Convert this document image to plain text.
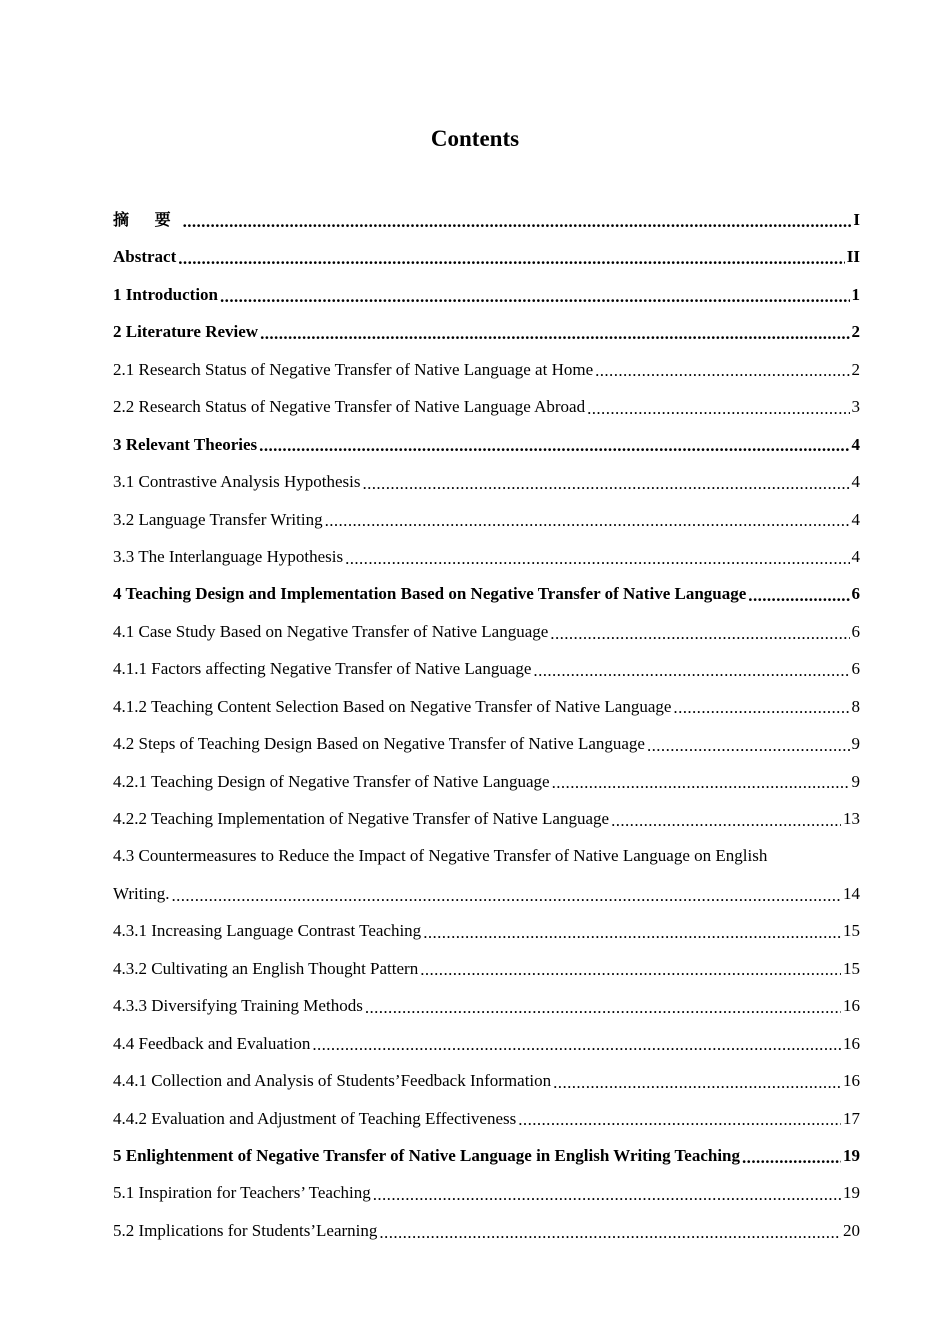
Contents
摘 要 .....	I
Abstract .....	II
1 Introduction .....	1
2 Literature Review .....	2
2.1 Research Status of Negative Transfer of Native Language at Home .....	2
2.2 Research Status of Negative Transfer of Native Language Abroad .....	3
3 Relevant Theories .....	4
3.1 Contrastive Analysis Hypothesis .....	4
3.2 Language Transfer Writing .....	4
3.3 The Interlanguage Hypothesis .....	4
4 Teaching Design and Implementation Based on Negative Transfer of Native Language .....	6
4.1 Case Study Based on Negative Transfer of Native Language .....	6
4.1.1 Factors affecting Negative Transfer of Native Language .....	6
4.1.2 Teaching Content Selection Based on Negative Transfer of Native Language .....	8
4.2 Steps of Teaching Design Based on Negative Transfer of Native Language .....	9
4.2.1 Teaching Design of Negative Transfer of Native Language .....	9
4.2.2 Teaching Implementation of Negative Transfer of Native Language .....	13
4.3 Countermeasures to Reduce the Impact of Negative Transfer of Native Language on English
Writing. .....	14
4.3.1 Increasing Language Contrast Teaching .....	15
4.3.2 Cultivating an English Thought Pattern .....	15
4.3.3 Diversifying Training Methods .....	16
4.4 Feedback and Evaluation .....	16
4.4.1 Collection and Analysis of Students’Feedback Information .....	16
4.4.2 Evaluation and Adjustment of Teaching Effectiveness .....	17
5 Enlightenment of Negative Transfer of Native Language in English Writing Teaching .....	19
5.1 Inspiration for Teachers’ Teaching .....	19
5.2 Implications for Students’Learning .....	20
